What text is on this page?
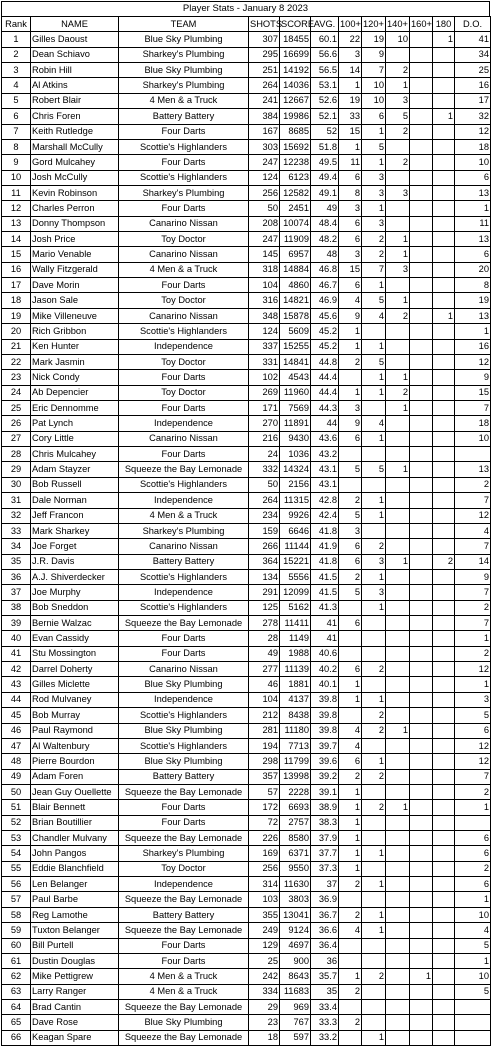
Player Stats - January 8 2023
Rank	NAME	TEAM	SHOTS	SCORE	AVG.	100+	120+	140+	160+	180	D.O.
1	Gilles Daoust	Blue Sky Plumbing	307	18455	60.1	22	19	10		1	41
2	Dean Schiavo	Sharkey's Plumbing	295	16699	56.6	3	9				34
3	Robin Hill	Blue Sky Plumbing	251	14192	56.5	14	7	2			25
4	Al Atkins	Sharkey's Plumbing	264	14036	53.1	1	10	1			16
5	Robert Blair	4 Men & a Truck	241	12667	52.6	19	10	3			17
6	Chris Foren	Battery Battery	384	19986	52.1	33	6	5		1	32
7	Keith Rutledge	Four Darts	167	8685	52	15	1	2			12
8	Marshall McCully	Scottie's Highlanders	303	15692	51.8	1	5				18
9	Gord Mulcahey	Four Darts	247	12238	49.5	11	1	2			10
10	Josh McCully	Scottie's Highlanders	124	6123	49.4	6	3				6
11	Kevin Robinson	Sharkey's Plumbing	256	12582	49.1	8	3	3			13
12	Charles Perron	Four Darts	50	2451	49	3	1				1
13	Donny Thompson	Canarino Nissan	208	10074	48.4	6	3				11
14	Josh Price	Toy Doctor	247	11909	48.2	6	2	1			13
15	Mario Venable	Canarino Nissan	145	6957	48	3	2	1			6
16	Wally Fitzgerald	4 Men & a Truck	318	14884	46.8	15	7	3			20
17	Dave Morin	Four Darts	104	4860	46.7	6	1				8
18	Jason Sale	Toy Doctor	316	14821	46.9	4	5	1			19
19	Mike Villeneuve	Canarino Nissan	348	15878	45.6	9	4	2		1	13
20	Rich Gribbon	Scottie's Highlanders	124	5609	45.2	1					1
21	Ken Hunter	Independence	337	15255	45.2	1	1				16
22	Mark Jasmin	Toy Doctor	331	14841	44.8	2	5				12
23	Nick Condy	Four Darts	102	4543	44.4		1	1			9
24	Ab Depencier	Toy Doctor	269	11960	44.4	1	1	2			15
25	Eric Dennomme	Four Darts	171	7569	44.3	3		1			7
26	Pat Lynch	Independence	270	11891	44	9	4				18
27	Cory Little	Canarino Nissan	216	9430	43.6	6	1				10
28	Chris Mulcahey	Four Darts	24	1036	43.2						
29	Adam Stayzer	Squeeze the Bay Lemonade	332	14324	43.1	5	5	1			13
30	Bob Russell	Scottie's Highlanders	50	2156	43.1						2
31	Dale Norman	Independence	264	11315	42.8	2	1				7
32	Jeff Francon	4 Men & a Truck	234	9926	42.4	5	1				12
33	Mark Sharkey	Sharkey's Plumbing	159	6646	41.8	3					4
34	Joe Forget	Canarino Nissan	266	11144	41.9	6	2				7
35	J.R. Davis	Battery Battery	364	15221	41.8	6	3	1		2	14
36	A.J. Shiverdecker	Scottie's Highlanders	134	5556	41.5	2	1				9
37	Joe Murphy	Independence	291	12099	41.5	5	3				7
38	Bob Sneddon	Scottie's Highlanders	125	5162	41.3		1				2
39	Bernie Walzac	Squeeze the Bay Lemonade	278	11411	41	6					7
40	Evan Cassidy	Four Darts	28	1149	41						1
41	Stu Mossington	Four Darts	49	1988	40.6						2
42	Darrel Doherty	Canarino Nissan	277	11139	40.2	6	2				12
43	Gilles Miclette	Blue Sky Plumbing	46	1881	40.1	1					1
44	Rod Mulvaney	Independence	104	4137	39.8	1	1				3
45	Bob Murray	Scottie's Highlanders	212	8438	39.8		2				5
46	Paul Raymond	Blue Sky Plumbing	281	11180	39.8	4	2	1			6
47	Al Waltenbury	Scottie's Highlanders	194	7713	39.7	4					12
48	Pierre Bourdon	Blue Sky Plumbing	298	11799	39.6	6	1				12
49	Adam Foren	Battery Battery	357	13998	39.2	2	2				7
50	Jean Guy Ouellette	Squeeze the Bay Lemonade	57	2228	39.1	1					2
51	Blair Bennett	Four Darts	172	6693	38.9	1	2	1			1
52	Brian Boutillier	Four Darts	72	2757	38.3	1					
53	Chandler Mulvany	Squeeze the Bay Lemonade	226	8580	37.9	1					6
54	John Pangos	Sharkey's Plumbing	169	6371	37.7	1	1				6
55	Eddie Blanchfield	Toy Doctor	256	9550	37.3	1					2
56	Len Belanger	Independence	314	11630	37	2	1				6
57	Paul Barbe	Squeeze the Bay Lemonade	103	3803	36.9						1
58	Reg Lamothe	Battery Battery	355	13041	36.7	2	1				10
59	Tuxton Belanger	Squeeze the Bay Lemonade	249	9124	36.6	4	1				4
60	Bill Purtell	Four Darts	129	4697	36.4						5
61	Dustin Douglas	Four Darts	25	900	36						1
62	Mike Pettigrew	4 Men & a Truck	242	8643	35.7	1	2		1		10
63	Larry Ranger	4 Men & a Truck	334	11683	35	2					5
64	Brad Cantin	Squeeze the Bay Lemonade	29	969	33.4						
65	Dave Rose	Blue Sky Plumbing	23	767	33.3	2					
66	Keagan Spare	Squeeze the Bay Lemonade	18	597	33.2		1				
